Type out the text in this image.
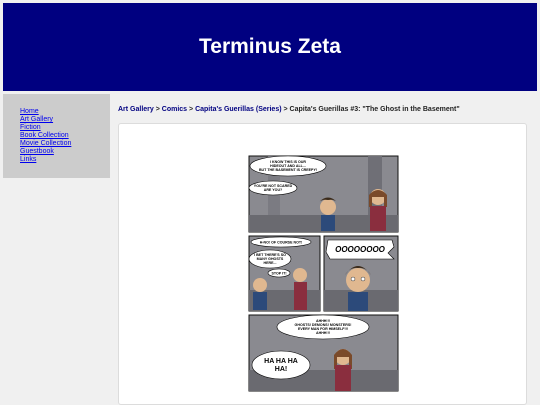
Terminus Zeta
Home
Art Gallery
Fiction
Book Collection
Movie Collection
Guestbook
Links
Art Gallery > Comics > Capita's Guerillas (Series) > Capita's Guerillas #3: "The Ghost in the Basement"
I KNOW THIS IS OUR
HIDEOUT AND ALL...
BUT THE BASEMENT IS CREEPY!
YOU'RE NOT SCARED
ARE YOU?
H-NO! OF COURSE NOT!
I BET THERE'S SO
MANY GHOSTS
HERE...
STOP IT!
OOOOOOOO
AHHH!!!
GHOSTS! DEMONS! MONSTERS!
EVERY MAN FOR HIMSELF!!!
AHHH!!!
HA HA HA
HA!
